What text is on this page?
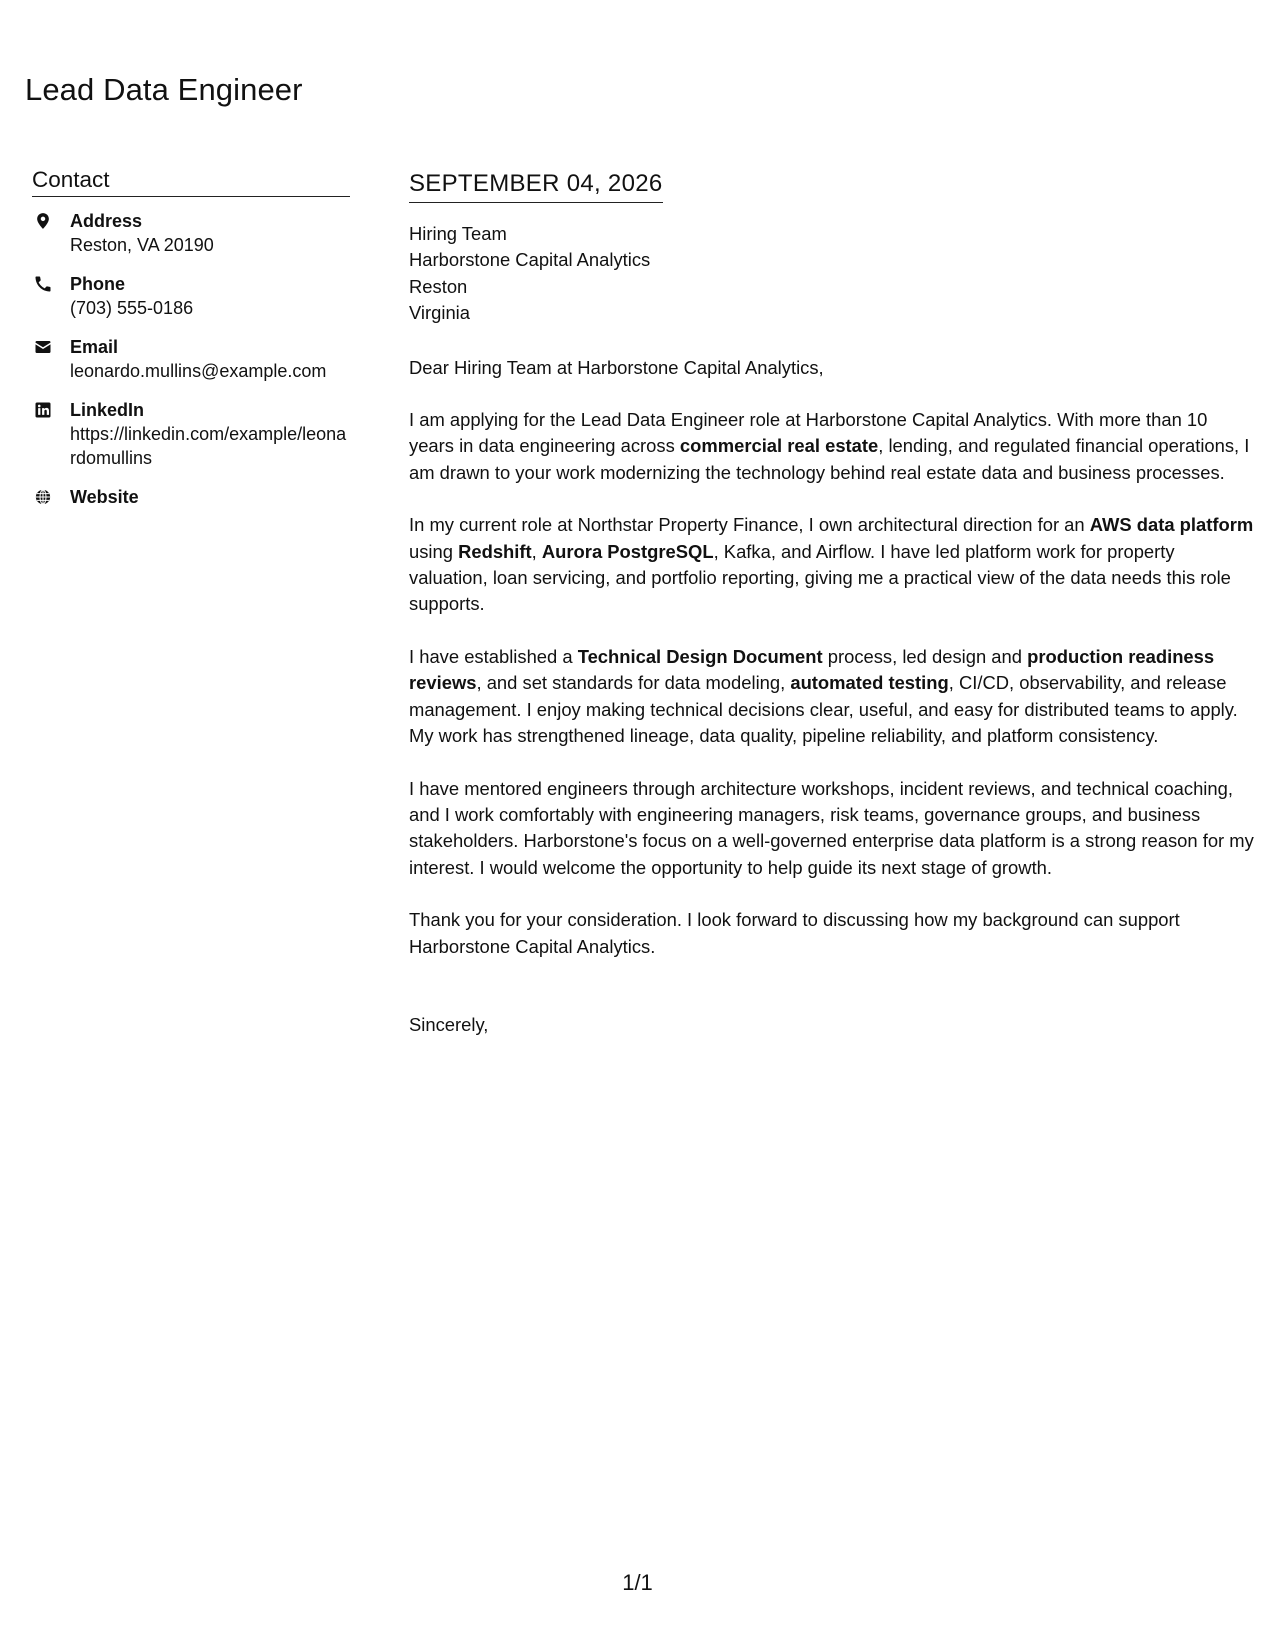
Lead Data Engineer
Contact
Address
Reston, VA 20190
Phone
(703) 555-0186
Email
leonardo.mullins@example.com
LinkedIn
https://linkedin.com/example/leonardomullins
Website
SEPTEMBER 04, 2026
Hiring Team
Harborstone Capital Analytics
Reston
Virginia

Dear Hiring Team at Harborstone Capital Analytics,

I am applying for the Lead Data Engineer role at Harborstone Capital Analytics. With more than 10 years in data engineering across commercial real estate, lending, and regulated financial operations, I am drawn to your work modernizing the technology behind real estate data and business processes.

In my current role at Northstar Property Finance, I own architectural direction for an AWS data platform using Redshift, Aurora PostgreSQL, Kafka, and Airflow. I have led platform work for property valuation, loan servicing, and portfolio reporting, giving me a practical view of the data needs this role supports.

I have established a Technical Design Document process, led design and production readiness reviews, and set standards for data modeling, automated testing, CI/CD, observability, and release management. I enjoy making technical decisions clear, useful, and easy for distributed teams to apply. My work has strengthened lineage, data quality, pipeline reliability, and platform consistency.

I have mentored engineers through architecture workshops, incident reviews, and technical coaching, and I work comfortably with engineering managers, risk teams, governance groups, and business stakeholders. Harborstone's focus on a well-governed enterprise data platform is a strong reason for my interest. I would welcome the opportunity to help guide its next stage of growth.

Thank you for your consideration. I look forward to discussing how my background can support Harborstone Capital Analytics.

Sincerely,

1/1
